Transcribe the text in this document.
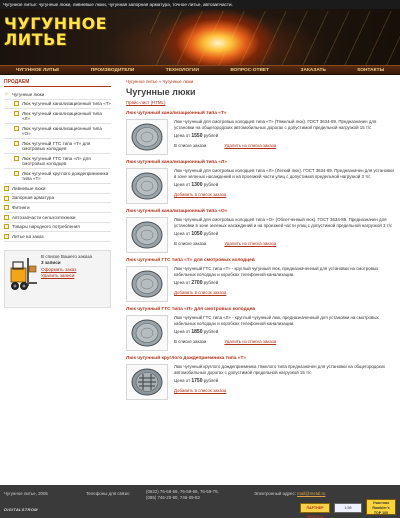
Чугунное литье: чугунные люки, ливневые люки, чугунная запорная арматура, точное литье, автозапчасти.
ЧУГУННОЕ
ЛИТЬЕ
ЧУГУННОЕ ЛИТЬЕ	ПРОИЗВОДИТЕЛИ	ТЕХНОЛОГИИ	ВОПРОС-ОТВЕТ	ЗАКАЗАТЬ	КОНТАКТЫ
ПРОДАЕМ
☼ Чугунные люки
Люк чугунный канализационный типа «Т»
Люк чугунный канализационный типа «Л»
Люк чугунный канализационный типа «О»
Люк чугунный ГТС типа «Т» для смотровых колодцев
Люк чугунный ГТС типа «Л» для смотровых колодцев
Люк чугунный круглого дождеприемника типа «Т»
Ливневые люки
Запорная арматура
Фитинги
Автозапчасти сельхозтехники
Товары народного потребления
Литье на заказ
В списке Вашего заказа
3 записи
Оформить заказ
Удалить записи
Чугунное литье » Чугунные люки
Чугунные люки
Прайс-лист (HTML)
Люк чугунный канализационный типа «Т»
Люк чугунный для смотровых колодцев типа «Т» (Тяжелый люк). ГОСТ 3634-89. Предназначен для установки на общегородских автомобильных дорогах с допустимой предельной нагрузкой 15 т/с
Цена от 1550 рублей
В списке заказа	Удалить из списка заказа
Люк чугунный канализационный типа «Л»
Люк чугунный для смотровых колодцев типа «Л» (Легкий люк). ГОСТ 3634-89. Предназначен для установки в зоне зеленых насаждений и на проезжей части улиц с допустимой предельной нагрузкой 3 т/с
Цена от 1300 рублей
Добавить в список заказа
Люк чугунный канализационный типа «О»
Люк чугунный для смотровых колодцев типа «О» (Облегченный люк). ГОСТ 3634-89. Предназначен для установки в зоне зеленых насаждений и на проезжей части улиц с допустимой предельной нагрузкой 3 т/с
Цена от 1050 рублей
В списке заказа	Удалить из списка заказа
Люк чугунный ГТС типа «Т» для смотровых колодцев
Люк чугунный ГТС типа «Т» - круглый чугунный люк, предназначенный для установки на смотровых кабельных колодцах и коробках телефонной канализации.
Цена от 2700 рублей
Добавить в список заказа
Люк чугунный ГТС типа «Л» для смотровых колодцев
Люк чугунный ГТС типа «Л» - круглый чугунный люк, предназначенный для установки на смотровых кабельных колодцах и коробках телефонной канализации.
Цена от 1850 рублей
В списке заказа	Удалить из списка заказа
Люк чугунный круглого дождеприемника типа «Т»
Люк чугунный круглого дождеприемника тяжелого типа предназначен для установки на общегородских автомобильных дорогах с допустимой предельной нагрузкой 15 т/с
Цена от 1750 рублей
Добавить в список заказа
Чугунное литье, 2005	Телефоны для связи:	(0622) 76-68-59, 76-59-69, 76-59-79,
(095) 746-20-90, 746-09-82
Электронный адрес: mail@metal.ru
DIGITALSTROM	ПАРТНЕР ПРОЕКТА
1.59
Участник
Rambler's
TOP 100
